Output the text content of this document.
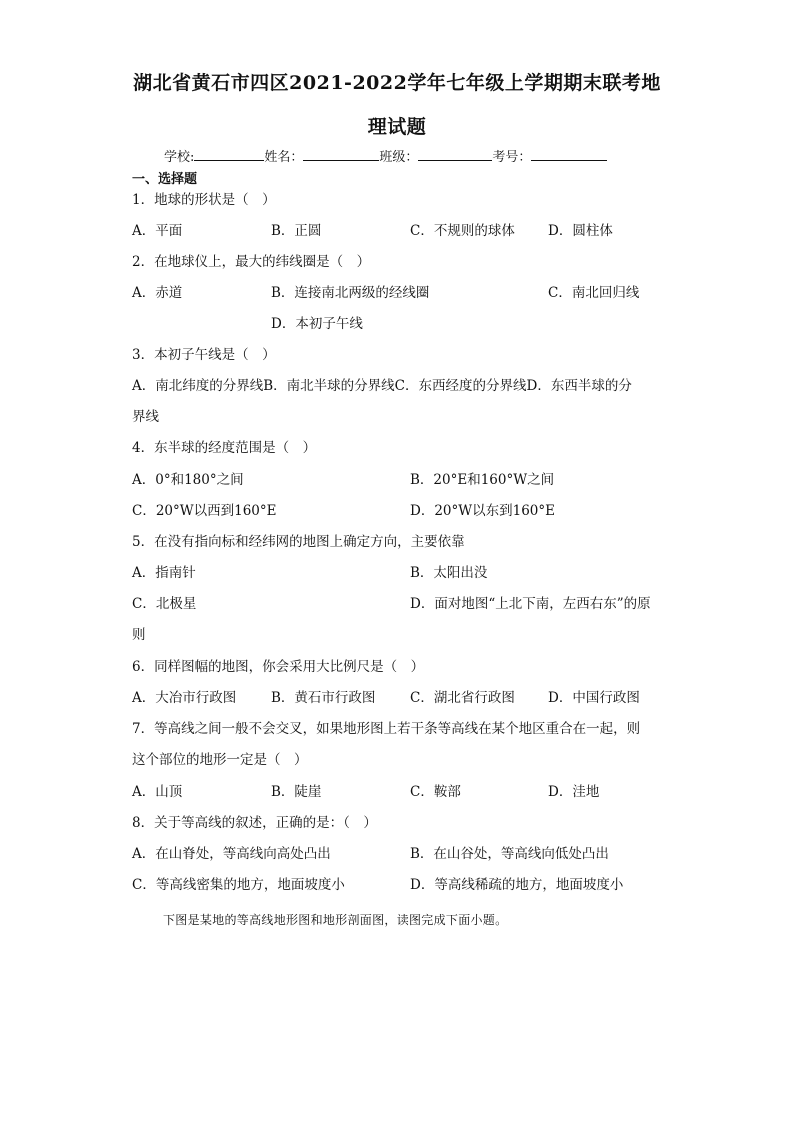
湖北省黄石市四区2021-2022学年七年级上学期期末联考地
理试题
学校:	姓名：	班级：	考号：
一、选择题
1．地球的形状是（　）
A．平面	B．正圆	C．不规则的球体 D．圆柱体
2．在地球仪上，最大的纬线圈是（　）
A．赤道	B．连接南北两级的经线圈	C．南北回归线
D．本初子午线
3．本初子午线是（　）
A．南北纬度的分界线B．南北半球的分界线C．东西经度的分界线D．东西半球的分
界线
4．东半球的经度范围是（　）
A．0°和180°之间	B．20°E和160°W之间
C．20°W以西到160°E	D．20°W以东到160°E
5．在没有指向标和经纬网的地图上确定方向，主要依靠
A．指南针	B．太阳出没
C．北极星	D．面对地图“上北下南，左西右东”的原
则
6．同样图幅的地图，你会采用大比例尺是（　）
A．大冶市行政图	B．黄石市行政图	C．湖北省行政图 D．中国行政图
7．等高线之间一般不会交叉，如果地形图上若干条等高线在某个地区重合在一起，则
这个部位的地形一定是（　）
A．山顶	B．陡崖	C．鞍部	D．洼地
8．关于等高线的叙述，正确的是：（　）
A．在山脊处，等高线向高处凸出	B．在山谷处，等高线向低处凸出
C．等高线密集的地方，地面坡度小	D．等高线稀疏的地方，地面坡度小
下图是某地的等高线地形图和地形剖面图，读图完成下面小题。
